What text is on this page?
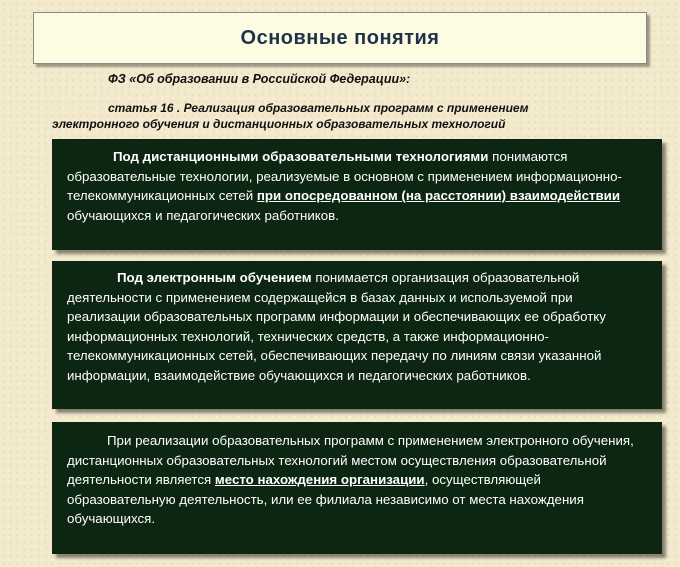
Основные понятия
ФЗ «Об образовании в Российской Федерации»:
статья 16 . Реализация образовательных программ с применением
электронного обучения и дистанционных образовательных технологий
Под дистанционными образовательными технологиями понимаются образовательные технологии, реализуемые в основном с применением информационно-телекоммуникационных сетей при опосредованном (на расстоянии) взаимодействии обучающихся и педагогических работников.
Под электронным обучением понимается организация образовательной деятельности с применением содержащейся в базах данных и используемой при реализации образовательных программ информации и обеспечивающих ее обработку информационных технологий, технических средств, а также информационно-телекоммуникационных сетей, обеспечивающих передачу по линиям связи указанной информации, взаимодействие обучающихся и педагогических работников.
При реализации образовательных программ с применением электронного обучения, дистанционных образовательных технологий местом осуществления образовательной деятельности является место нахождения организации, осуществляющей образовательную деятельность, или ее филиала независимо от места нахождения обучающихся.
